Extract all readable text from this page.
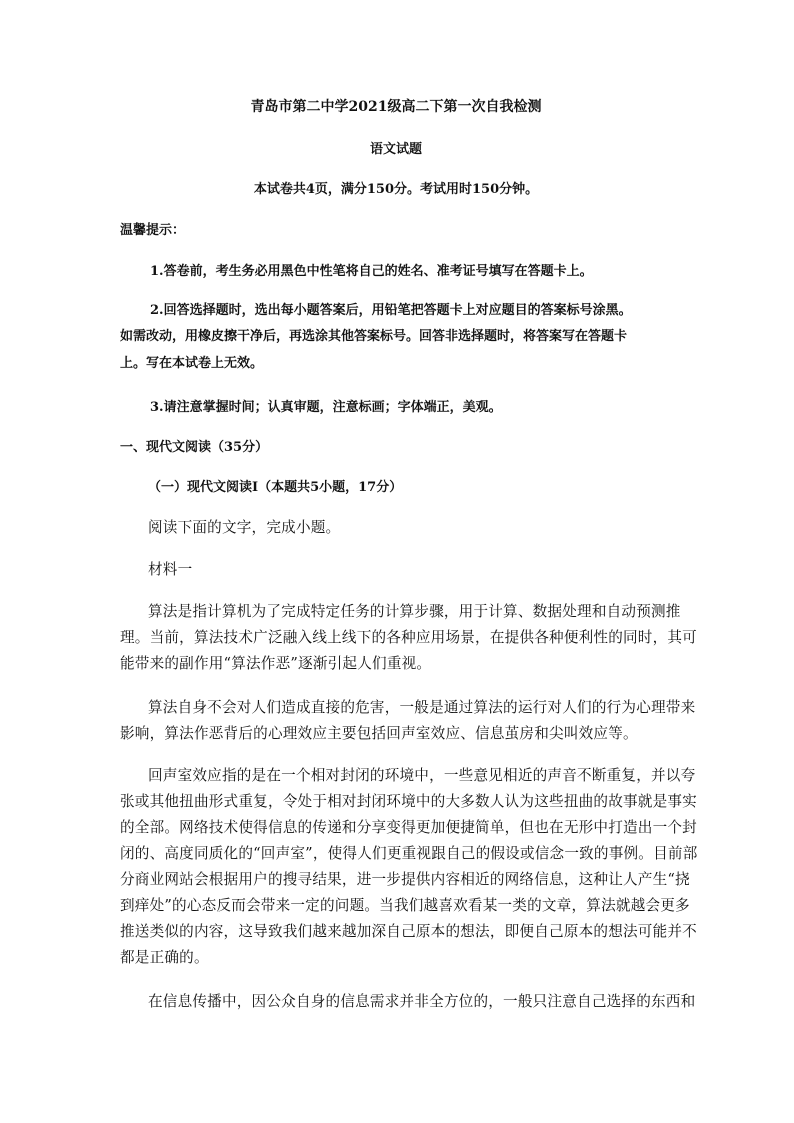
青岛市第二中学2021级高二下第一次自我检测

语文试题

本试卷共4页，满分150分。考试用时150分钟。

温馨提示：

1.答卷前，考生务必用黑色中性笔将自己的姓名、准考证号填写在答题卡上。

2.回答选择题时，选出每小题答案后，用铅笔把答题卡上对应题目的答案标号涂黑。

如需改动，用橡皮擦干净后，再选涂其他答案标号。回答非选择题时，将答案写在答题卡

上。写在本试卷上无效。

3.请注意掌握时间；认真审题，注意标画；字体端正，美观。

一、现代文阅读（35分）

（一）现代文阅读Ⅰ（本题共5小题，17分）

阅读下面的文字，完成小题。

材料一

算法是指计算机为了完成特定任务的计算步骤，用于计算、数据处理和自动预测推

理。当前，算法技术广泛融入线上线下的各种应用场景，在提供各种便利性的同时，其可

能带来的副作用“算法作恶”逐渐引起人们重视。

算法自身不会对人们造成直接的危害，一般是通过算法的运行对人们的行为心理带来

影响，算法作恶背后的心理效应主要包括回声室效应、信息茧房和尖叫效应等。

回声室效应指的是在一个相对封闭的环境中，一些意见相近的声音不断重复，并以夸

张或其他扭曲形式重复，令处于相对封闭环境中的大多数人认为这些扭曲的故事就是事实

的全部。网络技术使得信息的传递和分享变得更加便捷简单，但也在无形中打造出一个封

闭的、高度同质化的“回声室”，使得人们更重视跟自己的假设或信念一致的事例。目前部

分商业网站会根据用户的搜寻结果，进一步提供内容相近的网络信息，这种让人产生“挠

到痒处”的心态反而会带来一定的问题。当我们越喜欢看某一类的文章，算法就越会更多

推送类似的内容，这导致我们越来越加深自己原本的想法，即便自己原本的想法可能并不

都是正确的。

在信息传播中，因公众自身的信息需求并非全方位的，一般只注意自己选择的东西和
